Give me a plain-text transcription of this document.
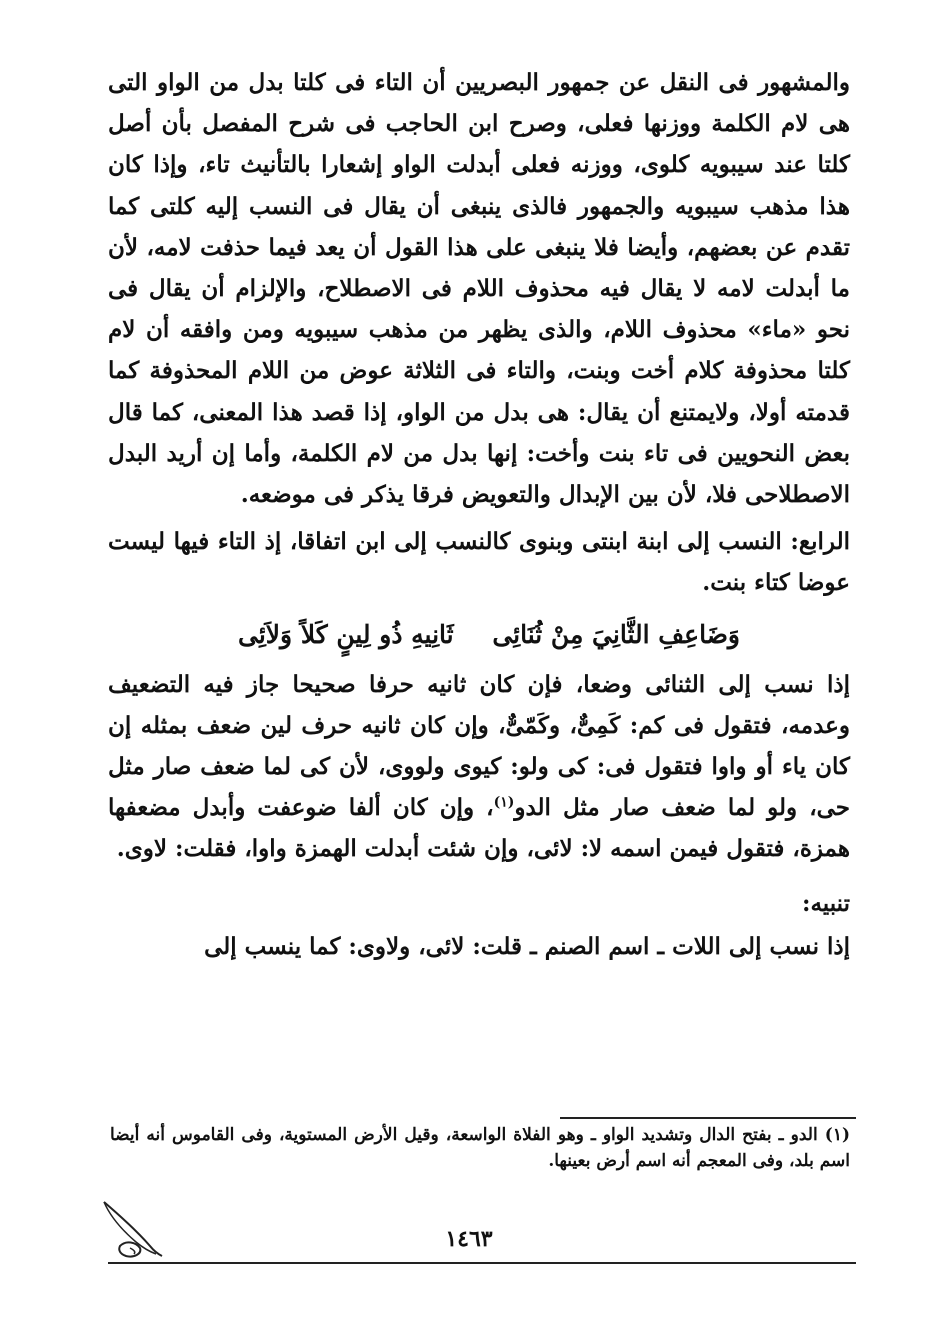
والمشهور فى النقل عن جمهور البصريين أن التاء فى كلتا بدل من الواو التى هى لام الكلمة ووزنها فعلى، وصرح ابن الحاجب فى شرح المفصل بأن أصل كلتا عند سيبويه كلوى، ووزنه فعلى أبدلت الواو إشعارا بالتأنيث تاء، وإذا كان هذا مذهب سيبويه والجمهور فالذى ينبغى أن يقال فى النسب إليه كلتى كما تقدم عن بعضهم، وأيضا فلا ينبغى على هذا القول أن يعد فيما حذفت لامه، لأن ما أبدلت لامه لا يقال فيه محذوف اللام فى الاصطلاح، والإلزام أن يقال فى نحو «ماء» محذوف اللام، والذى يظهر من مذهب سيبويه ومن وافقه أن لام كلتا محذوفة كلام أخت وبنت، والتاء فى الثلاثة عوض من اللام المحذوفة كما قدمته أولا، ولايمتنع أن يقال: هى بدل من الواو، إذا قصد هذا المعنى، كما قال بعض النحويين فى تاء بنت وأخت: إنها بدل من لام الكلمة، وأما إن أريد البدل الاصطلاحى فلا، لأن بين الإبدال والتعويض فرقا يذكر فى موضعه.

الرابع: النسب إلى ابنة ابنتى وبنوى كالنسب إلى ابن اتفاقا، إذ التاء فيها ليست عوضا كتاء بنت.

وَضَاعِفِ الثَّانِيَ مِنْ ثُنَائِى
ثَانِيهِ ذُو لِينٍ كَلاً وَلاَئِى

إذا نسب إلى الثنائى وضعا، فإن كان ثانيه حرفا صحيحا جاز فيه التضعيف وعدمه، فتقول فى كم: كَمِىٌّ، وكَمّىٌّ، وإن كان ثانيه حرف لين ضعف بمثله إن كان ياء أو واوا فتقول فى: كى ولو: كيوى ولووى، لأن كى لما ضعف صار مثل حى، ولو لما ضعف صار مثل الدو$^{(١)}$، وإن كان ألفا ضوعفت وأبدل مضعفها همزة، فتقول فيمن اسمه لا: لائى، وإن شئت أبدلت الهمزة واوا، فقلت: لاوى.

تنبيه:

إذا نسب إلى اللات ـ اسم الصنم ـ قلت: لائى، ولاوى: كما ينسب إلى

(١) الدو ـ بفتح الدال وتشديد الواو ـ وهو الفلاة الواسعة، وقيل الأرض المستوية، وفى القاموس أنه أيضا اسم بلد، وفى المعجم أنه اسم أرض بعينها.

١٤٦٣
